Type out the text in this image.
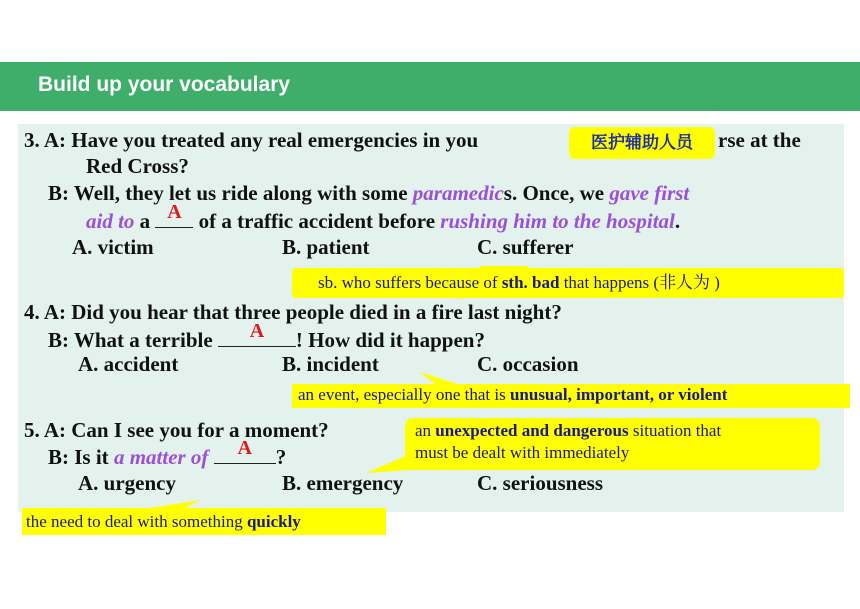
Build up your vocabulary
3. A: Have you treated any real emergencies in you	rse at the
医护辅助人员
Red Cross?
B: Well, they let us ride along with some paramedics. Once, we gave first
aid to a A of a traffic accident before rushing him to the hospital.
A. victim	B. patient	C. sufferer
sb. who suffers because of sth. bad that happens (非人为 )
4. A: Did you hear that three people died in a fire last night?
B: What a terrible	A	! How did it happen?
A. accident	B. incident	C. occasion
an event, especially one that is unusual, important, or violent
5. A: Can I see you for a moment?
B: Is it a matter of	A	?
A. urgency	B. emergency	C. seriousness
an unexpected and dangerous situation that
must be dealt with immediately
the need to deal with something quickly
